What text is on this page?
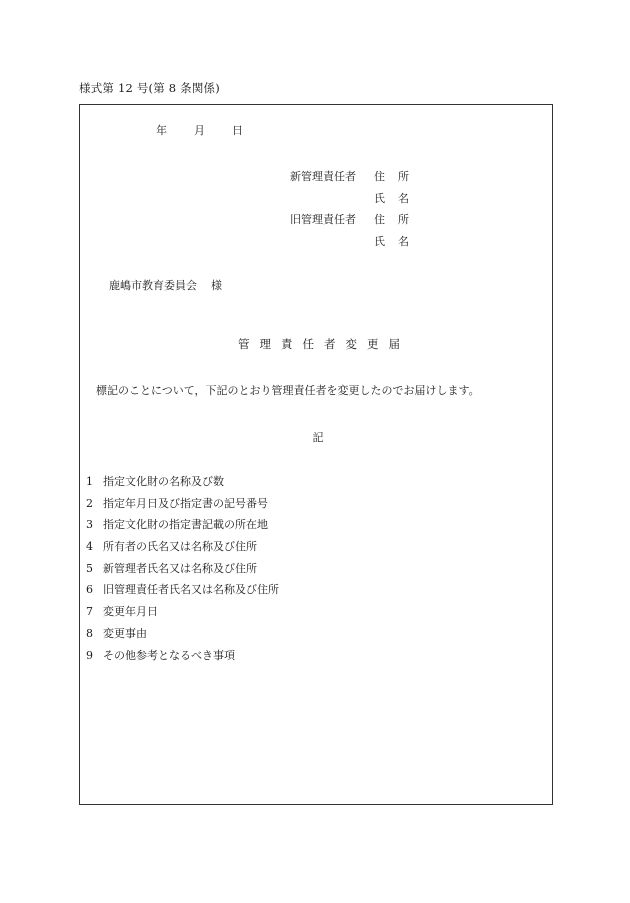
様式第 12 号(第 8 条関係)
年	月	日
新管理責任者	住所
氏名
旧管理責任者	住所
氏名
鹿嶋市教育委員会 様
管理責任者変更届
標記のことについて，下記のとおり管理責任者を変更したのでお届けします。
記
1 指定文化財の名称及び数
2 指定年月日及び指定書の記号番号
3 指定文化財の指定書記載の所在地
4 所有者の氏名又は名称及び住所
5 新管理者氏名又は名称及び住所
6 旧管理責任者氏名又は名称及び住所
7 変更年月日
8 変更事由
9 その他参考となるべき事項
